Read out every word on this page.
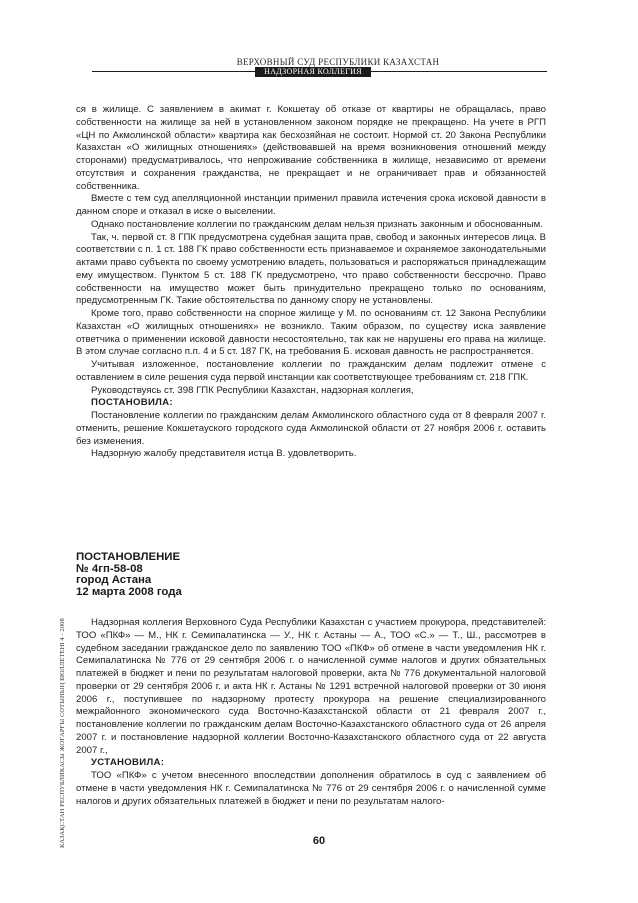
ВЕРХОВНЫЙ СУД РЕСПУБЛИКИ КАЗАХСТАН
НАДЗОРНАЯ КОЛЛЕГИЯ

ся в жилище. С заявлением в акимат г. Кокшетау об отказе от квартиры не обращалась, право собственности на жилище за ней в установленном законом порядке не прекращено. На учете в РГП «ЦН по Акмолинской области» квартира как бесхозяйная не состоит. Нормой ст. 20 Закона Республики Казахстан «О жилищных отношениях» (действовавшей на время возникновения отношений между сторонами) предусматривалось, что непроживание собственника в жилище, независимо от времени отсутствия и сохранения гражданства, не прекращает и не ограничивает прав и обязанностей собственника.

Вместе с тем суд апелляционной инстанции применил правила истечения срока исковой давности в данном споре и отказал в иске о выселении.

Однако постановление коллегии по гражданским делам нельзя признать законным и обоснованным.

Так, ч. первой ст. 8 ГПК предусмотрена судебная защита прав, свобод и законных интересов лица. В соответствии с п. 1 ст. 188 ГК право собственности есть признаваемое и охраняемое законодательными актами право субъекта по своему усмотрению владеть, пользоваться и распоряжаться принадлежащим ему имуществом. Пунктом 5 ст. 188 ГК предусмотрено, что право собственности бессрочно. Право собственности на имущество может быть принудительно прекращено только по основаниям, предусмотренным ГК. Такие обстоятельства по данному спору не установлены.

Кроме того, право собственности на спорное жилище у М. по основаниям ст. 12 Закона Республики Казахстан «О жилищных отношениях» не возникло. Таким образом, по существу иска заявление ответчика о применении исковой давности несостоятельно, так как не нарушены его права на жилище. В этом случае согласно п.п. 4 и 5 ст. 187 ГК, на требования Б. исковая давность не распространяется.

Учитывая изложенное, постановление коллегии по гражданским делам подлежит отмене с оставлением в силе решения суда первой инстанции как соответствующее требованиям ст. 218 ГПК.

Руководствуясь ст. 398 ГПК Республики Казахстан, надзорная коллегия,

ПОСТАНОВИЛА:

Постановление коллегии по гражданским делам Акмолинского областного суда от 8 февраля 2007 г. отменить, решение Кокшетауского городского суда Акмолинской области от 27 ноября 2006 г. оставить без изменения.

Надзорную жалобу представителя истца В. удовлетворить.

ПОСТАНОВЛЕНИЕ
№ 4гп-58-08
город Астана
12 марта 2008 года

Надзорная коллегия Верховного Суда Республики Казахстан с участием прокурора, представителей: ТОО «ПКФ» — М., НК г. Семипалатинска — У., НК г. Астаны — А., ТОО «С.» — Т., Ш., рассмотрев в судебном заседании гражданское дело по заявлению ТОО «ПКФ» об отмене в части уведомления НК г. Семипалатинска № 776 от 29 сентября 2006 г. о начисленной сумме налогов и других обязательных платежей в бюджет и пени по результатам налоговой проверки, акта № 776 документальной налоговой проверки от 29 сентября 2006 г. и акта НК г. Астаны № 1291 встречной налоговой проверки от 30 июня 2006 г., поступившее по надзорному протесту прокурора на решение специализированного межрайонного экономического суда Восточно-Казахстанской области от 21 февраля 2007 г., постановление коллегии по гражданским делам Восточно-Казахстанского областного суда от 26 апреля 2007 г. и постановление надзорной коллегии Восточно-Казахстанского областного суда от 22 августа 2007 г.,

УСТАНОВИЛА:

ТОО «ПКФ» с учетом внесенного впоследствии дополнения обратилось в суд с заявлением об отмене в части уведомления НК г. Семипалатинска № 776 от 29 сентября 2006 г. о начисленной сумме налогов и других обязательных платежей в бюджет и пени по результатам налого-

КАЗАҚСТАН РЕСПУБЛИКАСЫ ЖОҒАРҒЫ СОТЫНЫҢ БЮЛЛЕТЕНІ 4 - 2008	60
